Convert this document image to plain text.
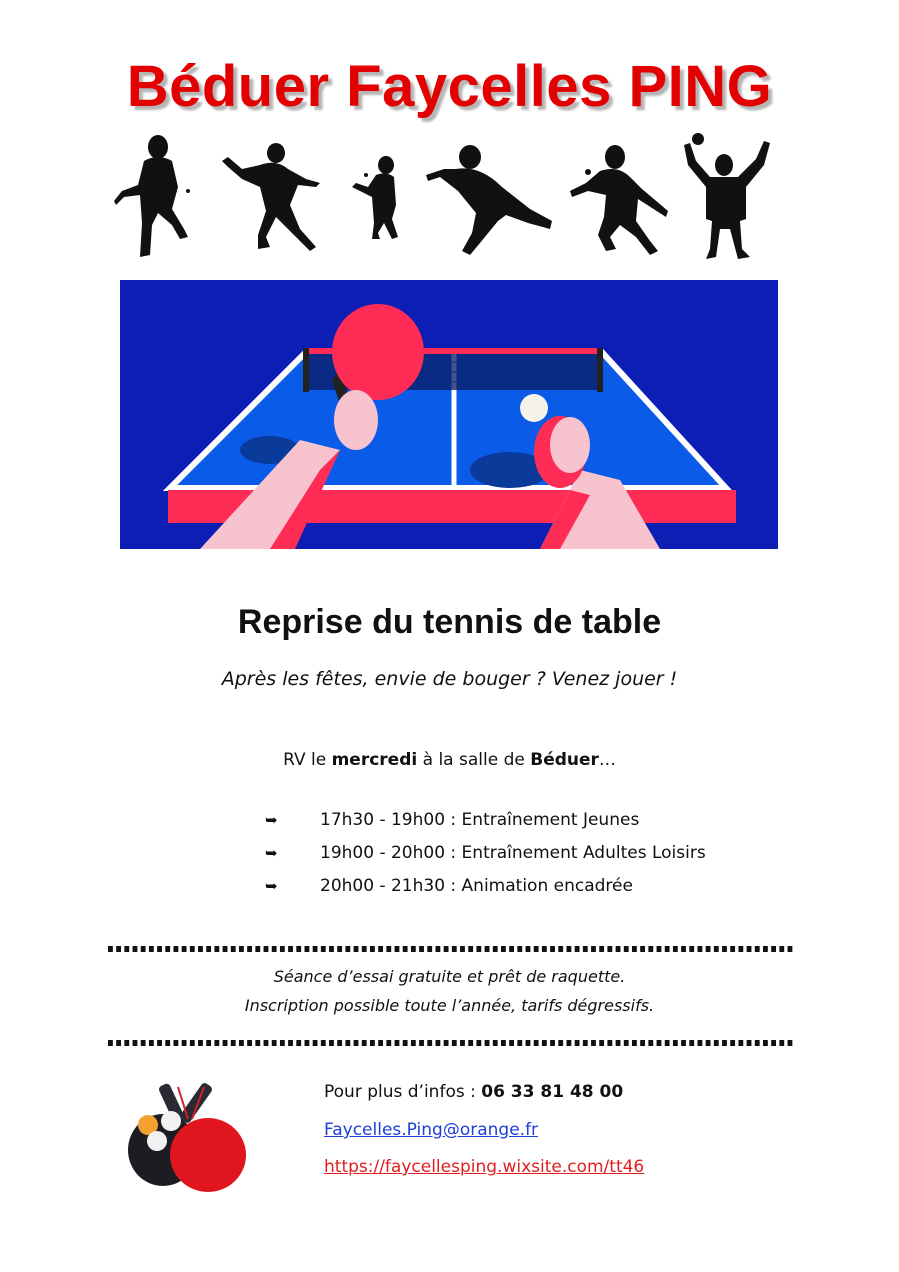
Béduer Faycelles PING
Reprise du tennis de table
Après les fêtes, envie de bouger ? Venez jouer !
RV le mercredi à la salle de Béduer…
➥	17h30 - 19h00 : Entraînement Jeunes
➥	19h00 - 20h00 : Entraînement Adultes Loisirs
➥	20h00 - 21h30 : Animation encadrée
Séance d’essai gratuite et prêt de raquette.
Inscription possible toute l’année, tarifs dégressifs.
Pour plus d’infos : 06 33 81 48 00
Faycelles.Ping@orange.fr
https://faycellesping.wixsite.com/tt46
